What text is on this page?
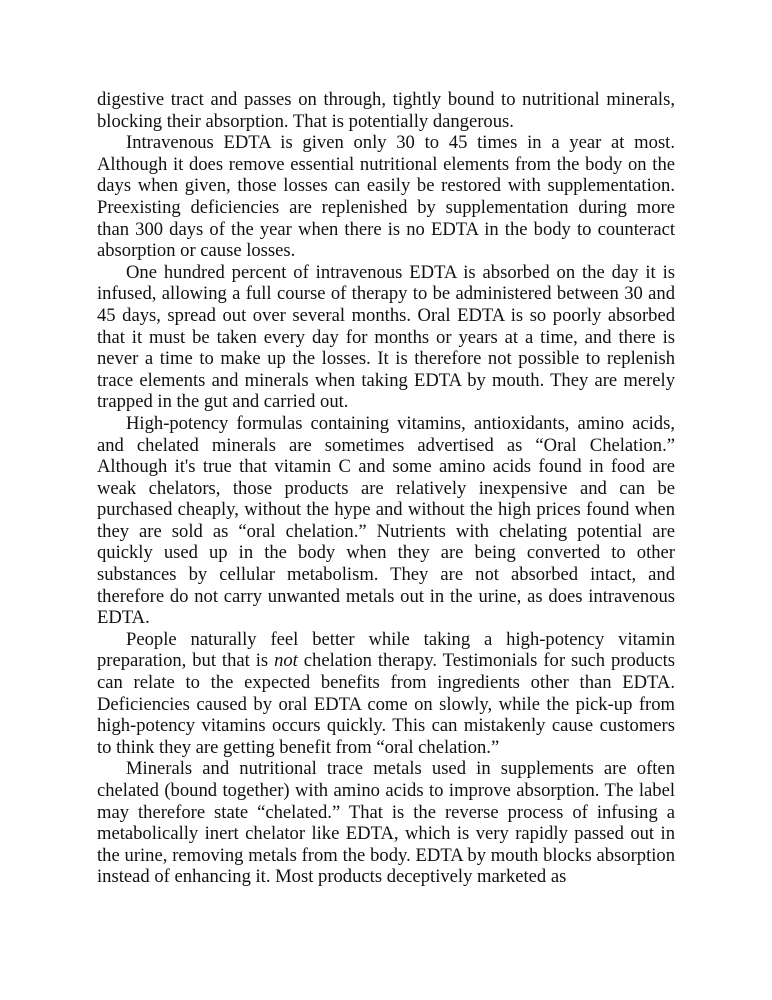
digestive tract and passes on through, tightly bound to nutritional minerals, blocking their absorption. That is potentially dangerous.

Intravenous EDTA is given only 30 to 45 times in a year at most. Although it does remove essential nutritional elements from the body on the days when given, those losses can easily be restored with supplementation. Preexisting deficiencies are replenished by supplementation during more than 300 days of the year when there is no EDTA in the body to counteract absorption or cause losses.

One hundred percent of intravenous EDTA is absorbed on the day it is infused, allowing a full course of therapy to be administered between 30 and 45 days, spread out over several months. Oral EDTA is so poorly absorbed that it must be taken every day for months or years at a time, and there is never a time to make up the losses. It is therefore not possible to replenish trace elements and minerals when taking EDTA by mouth. They are merely trapped in the gut and carried out.

High-potency formulas containing vitamins, antioxidants, amino acids, and chelated minerals are sometimes advertised as “Oral Chelation.” Although it's true that vitamin C and some amino acids found in food are weak chelators, those products are relatively inexpensive and can be purchased cheaply, without the hype and without the high prices found when they are sold as “oral chelation.” Nutrients with chelating potential are quickly used up in the body when they are being converted to other substances by cellular metabolism. They are not absorbed intact, and therefore do not carry unwanted metals out in the urine, as does intravenous EDTA.

People naturally feel better while taking a high-potency vitamin preparation, but that is not chelation therapy. Testimonials for such products can relate to the expected benefits from ingredients other than EDTA. Deficiencies caused by oral EDTA come on slowly, while the pick-up from high-potency vitamins occurs quickly. This can mistakenly cause customers to think they are getting benefit from “oral chelation.”

Minerals and nutritional trace metals used in supplements are often chelated (bound together) with amino acids to improve absorption. The label may therefore state “chelated.” That is the reverse process of infusing a metabolically inert chelator like EDTA, which is very rapidly passed out in the urine, removing metals from the body. EDTA by mouth blocks absorption instead of enhancing it. Most products deceptively marketed as
